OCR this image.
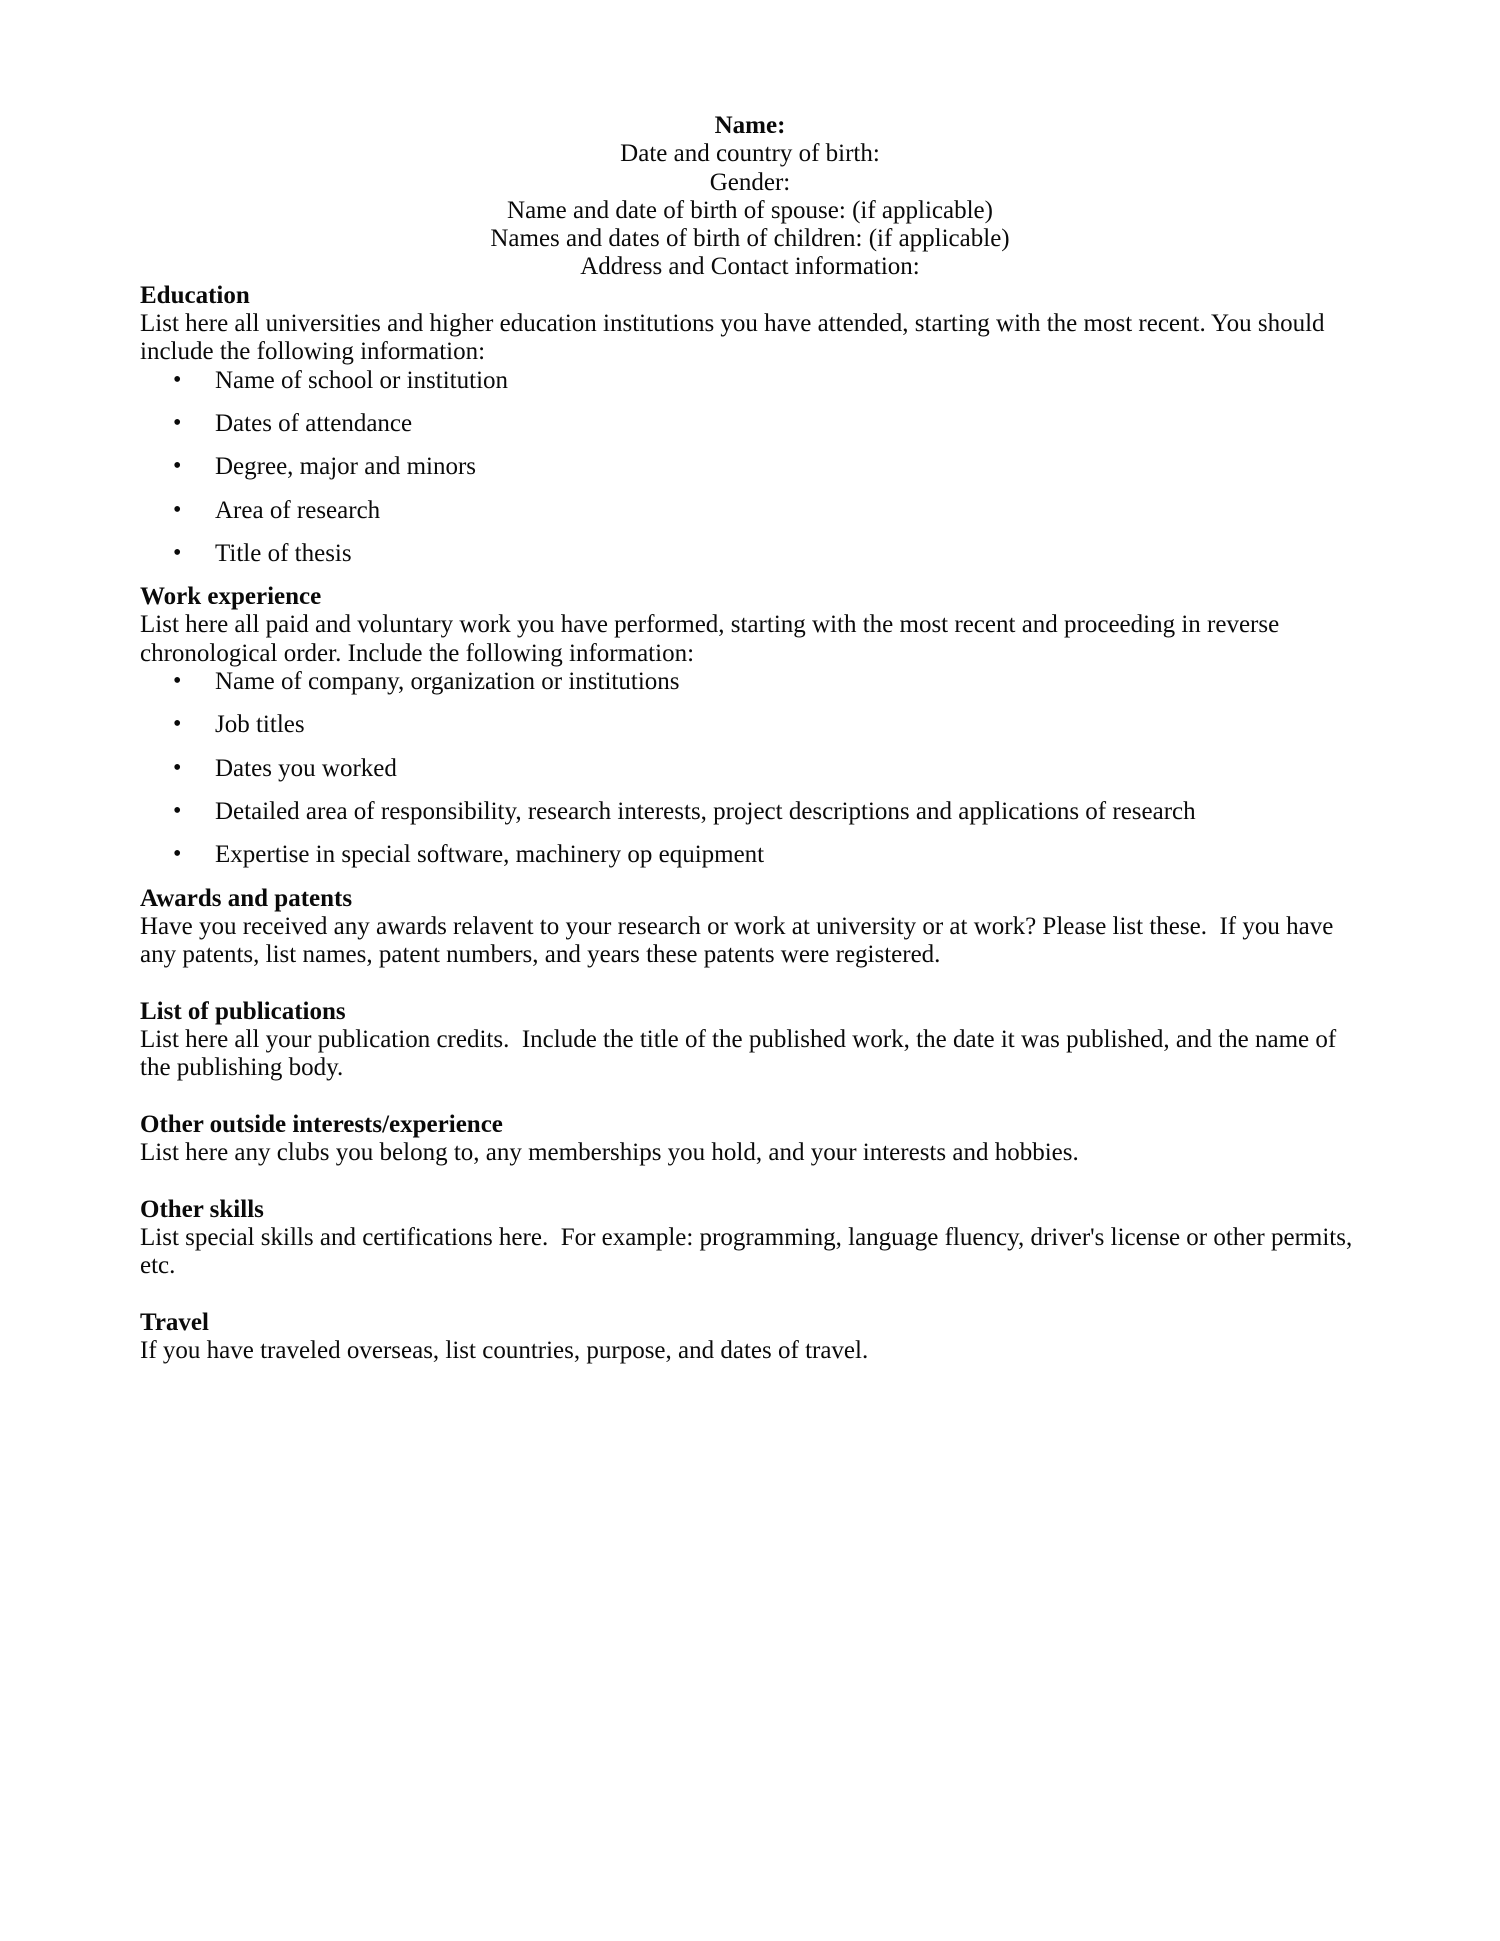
Name:

Date and country of birth:

Gender:

Name and date of birth of spouse: (if applicable)

Names and dates of birth of children: (if applicable)

Address and Contact information:

Education

List here all universities and higher education institutions you have attended, starting with the most recent. You should include the following information:

• Name of school or institution
• Dates of attendance
• Degree, major and minors
• Area of research
• Title of thesis
Work experience

List here all paid and voluntary work you have performed, starting with the most recent and proceeding in reverse chronological order. Include the following information:

• Name of company, organization or institutions
• Job titles
• Dates you worked
• Detailed area of responsibility, research interests, project descriptions and applications of research
• Expertise in special software, machinery op equipment
Awards and patents

Have you received any awards relavent to your research or work at university or at work? Please list these.  If you have any patents, list names, patent numbers, and years these patents were registered.

List of publications

List here all your publication credits.  Include the title of the published work, the date it was published, and the name of the publishing body.

Other outside interests/experience

List here any clubs you belong to, any memberships you hold, and your interests and hobbies.

Other skills

List special skills and certifications here.  For example: programming, language fluency, driver's license or other permits, etc.

Travel

If you have traveled overseas, list countries, purpose, and dates of travel.
